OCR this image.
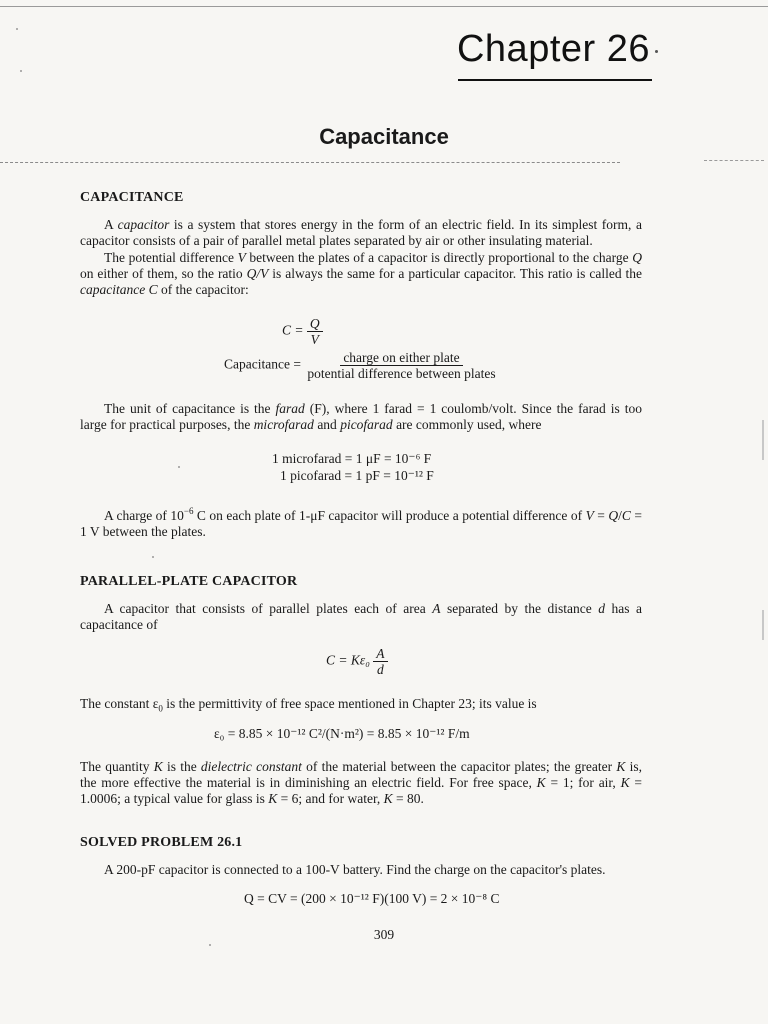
Chapter 26
Capacitance
CAPACITANCE
A capacitor is a system that stores energy in the form of an electric field. In its simplest form, a capacitor consists of a pair of parallel metal plates separated by air or other insulating material.
The potential difference V between the plates of a capacitor is directly proportional to the charge Q on either of them, so the ratio Q/V is always the same for a particular capacitor. This ratio is called the capacitance C of the capacitor:
$C = \frac{Q}{V}$
Capacitance = $\frac{\text{charge on either plate}}{\text{potential difference between plates}}$
The unit of capacitance is the farad (F), where 1 farad = 1 coulomb/volt. Since the farad is too large for practical purposes, the microfarad and picofarad are commonly used, where
1 microfarad = 1 μF = 10⁻⁶ F
1 picofarad = 1 pF = 10⁻¹² F
A charge of $10^{-6}$ C on each plate of 1-μF capacitor will produce a potential difference of V = Q/C = 1 V between the plates.
PARALLEL-PLATE CAPACITOR
A capacitor that consists of parallel plates each of area A separated by the distance d has a capacitance of
$C = K\varepsilon_0 \frac{A}{d}$
The constant $\varepsilon_0$ is the permittivity of free space mentioned in Chapter 23; its value is
ε₀ = 8.85 × 10⁻¹² C²/(N·m²) = 8.85 × 10⁻¹² F/m
The quantity K is the dielectric constant of the material between the capacitor plates; the greater K is, the more effective the material is in diminishing an electric field. For free space, K = 1; for air, K = 1.0006; a typical value for glass is K = 6; and for water, K = 80.
SOLVED PROBLEM 26.1
A 200-pF capacitor is connected to a 100-V battery. Find the charge on the capacitor's plates.
Q = CV = (200 × 10⁻¹² F)(100 V) = 2 × 10⁻⁸ C
309
